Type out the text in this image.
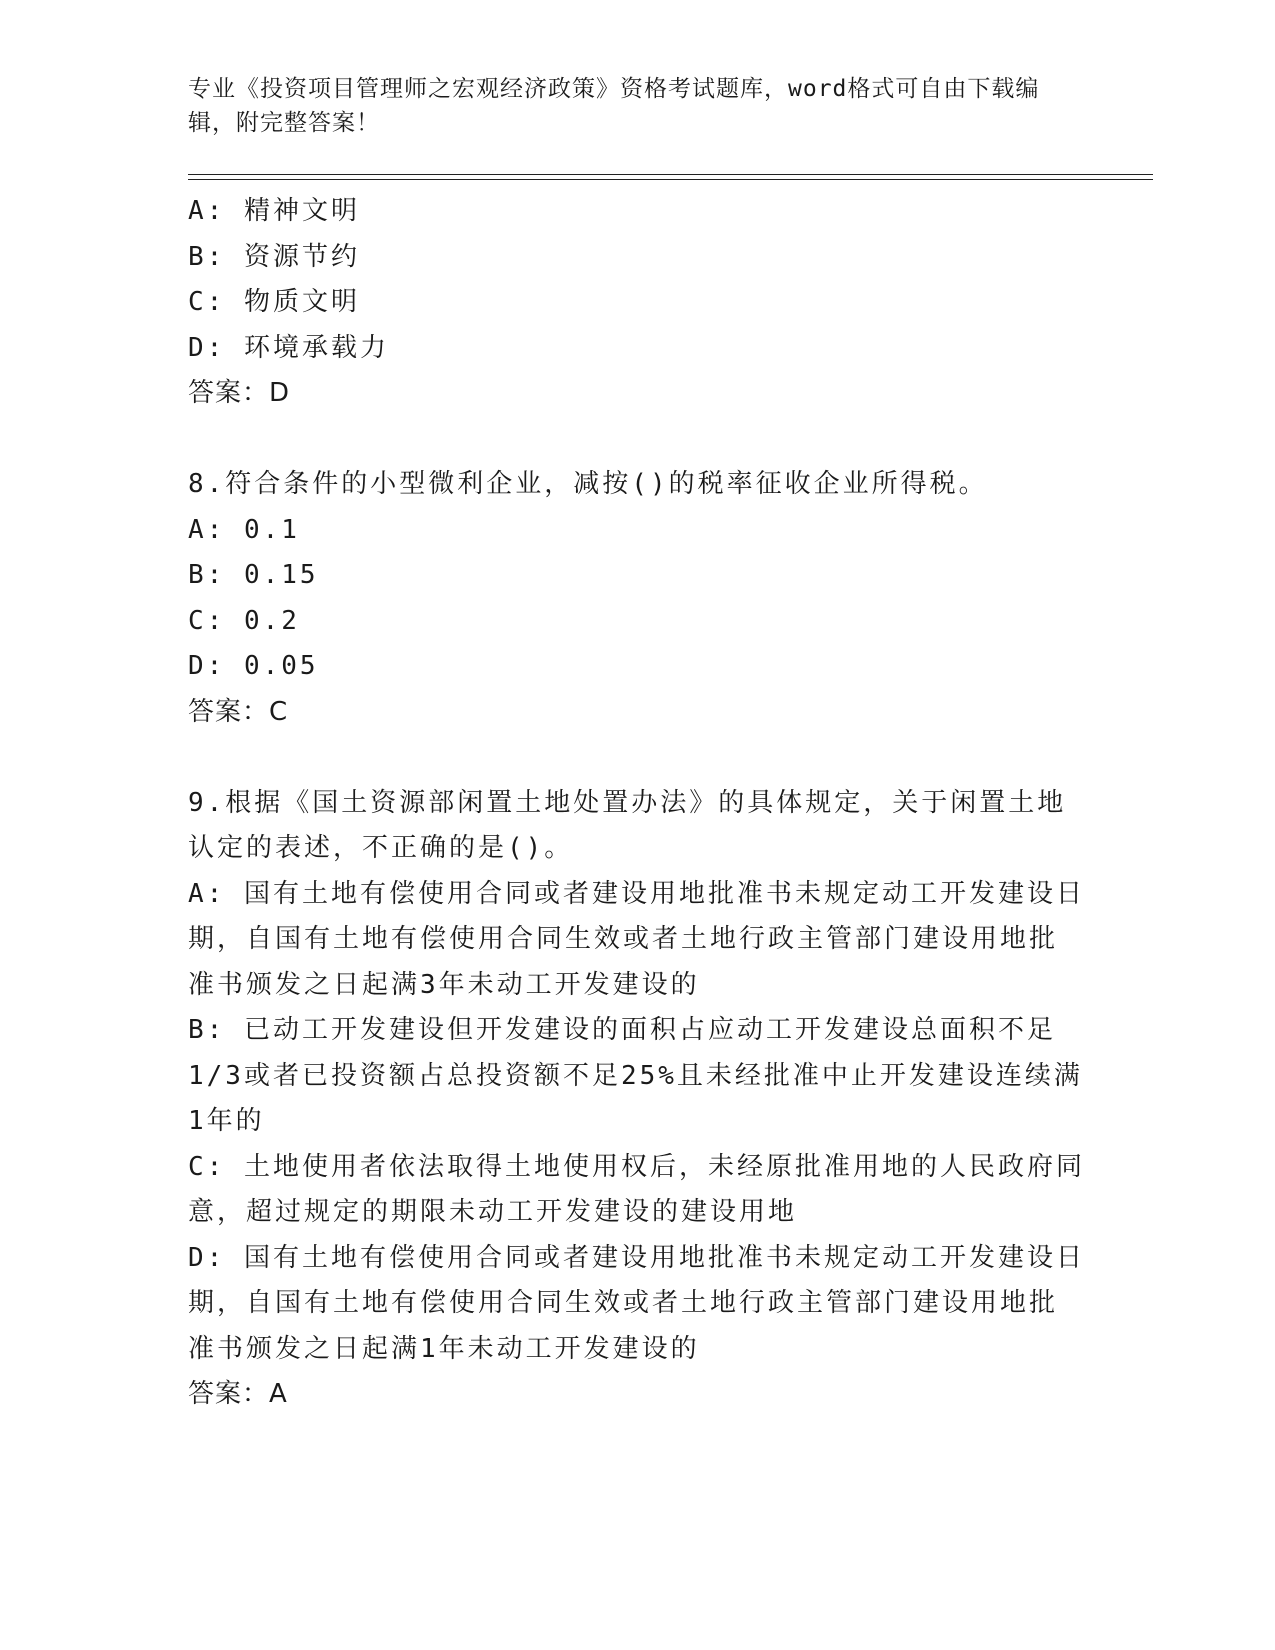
专业《投资项目管理师之宏观经济政策》资格考试题库，word格式可自由下载编
辑，附完整答案！
A: 精神文明
B: 资源节约
C: 物质文明
D: 环境承载力
答案：D
8.符合条件的小型微利企业，减按()的税率征收企业所得税。
A: 0.1
B: 0.15
C: 0.2
D: 0.05
答案：C
9.根据《国土资源部闲置土地处置办法》的具体规定，关于闲置土地
认定的表述，不正确的是()。
A: 国有土地有偿使用合同或者建设用地批准书未规定动工开发建设日
期，自国有土地有偿使用合同生效或者土地行政主管部门建设用地批
准书颁发之日起满3年未动工开发建设的
B: 已动工开发建设但开发建设的面积占应动工开发建设总面积不足
1/3或者已投资额占总投资额不足25%且未经批准中止开发建设连续满
1年的
C: 土地使用者依法取得土地使用权后，未经原批准用地的人民政府同
意，超过规定的期限未动工开发建设的建设用地
D: 国有土地有偿使用合同或者建设用地批准书未规定动工开发建设日
期，自国有土地有偿使用合同生效或者土地行政主管部门建设用地批
准书颁发之日起满1年未动工开发建设的
答案：A
